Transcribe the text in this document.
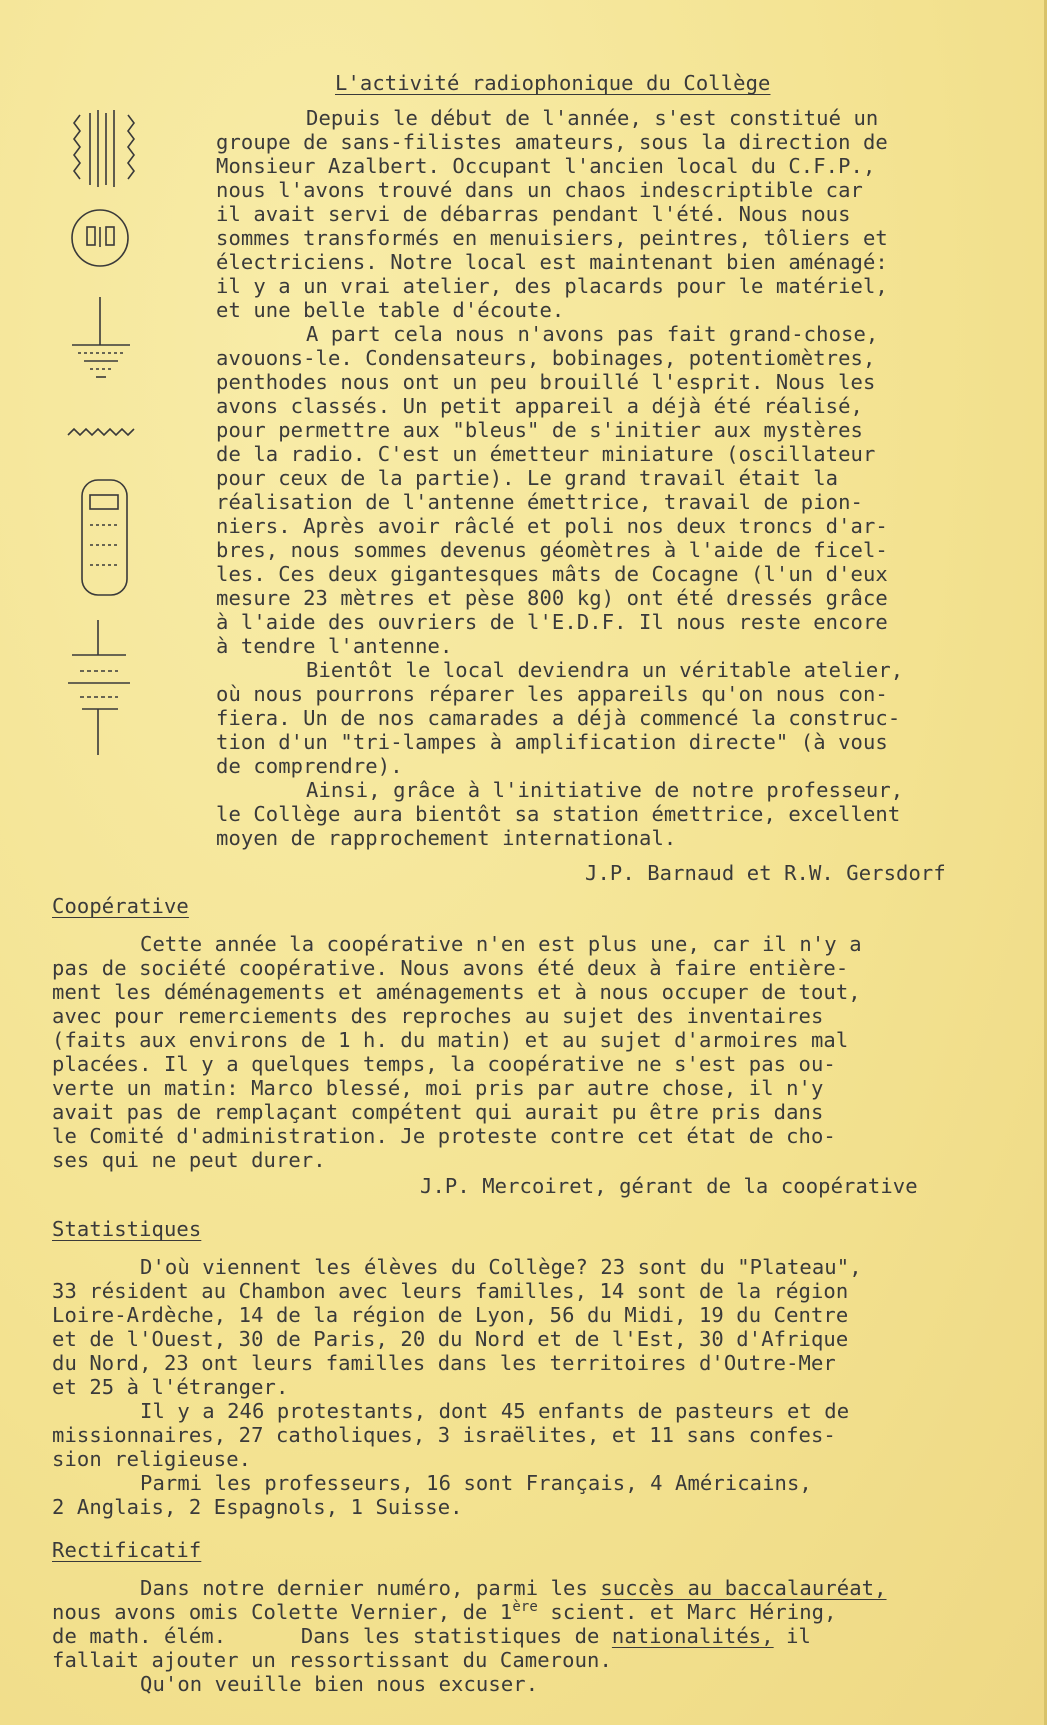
L'activité radiophonique du Collège
Depuis le début de l'année, s'est constitué un
groupe de sans-filistes amateurs, sous la direction de
Monsieur Azalbert. Occupant l'ancien local du C.F.P.,
nous l'avons trouvé dans un chaos indescriptible car
il avait servi de débarras pendant l'été. Nous nous
sommes transformés en menuisiers, peintres, tôliers et
électriciens. Notre local est maintenant bien aménagé:
il y a un vrai atelier, des placards pour le matériel,
et une belle table d'écoute.
A part cela nous n'avons pas fait grand-chose,
avouons-le. Condensateurs, bobinages, potentiomètres,
penthodes nous ont un peu brouillé l'esprit. Nous les
avons classés. Un petit appareil a déjà été réalisé,
pour permettre aux "bleus" de s'initier aux mystères
de la radio. C'est un émetteur miniature (oscillateur
pour ceux de la partie). Le grand travail était la
réalisation de l'antenne émettrice, travail de pion-
niers. Après avoir râclé et poli nos deux troncs d'ar-
bres, nous sommes devenus géomètres à l'aide de ficel-
les. Ces deux gigantesques mâts de Cocagne (l'un d'eux
mesure 23 mètres et pèse 800 kg) ont été dressés grâce
à l'aide des ouvriers de l'E.D.F. Il nous reste encore
à tendre l'antenne.
Bientôt le local deviendra un véritable atelier,
où nous pourrons réparer les appareils qu'on nous con-
fiera. Un de nos camarades a déjà commencé la construc-
tion d'un "tri-lampes à amplification directe" (à vous
de comprendre).
Ainsi, grâce à l'initiative de notre professeur,
le Collège aura bientôt sa station émettrice, excellent
moyen de rapprochement international.
J.P. Barnaud et R.W. Gersdorf
Coopérative
Cette année la coopérative n'en est plus une, car il n'y a
pas de société coopérative. Nous avons été deux à faire entière-
ment les déménagements et aménagements et à nous occuper de tout,
avec pour remerciements des reproches au sujet des inventaires
(faits aux environs de 1 h. du matin) et au sujet d'armoires mal
placées. Il y a quelques temps, la coopérative ne s'est pas ou-
verte un matin: Marco blessé, moi pris par autre chose, il n'y
avait pas de remplaçant compétent qui aurait pu être pris dans
le Comité d'administration. Je proteste contre cet état de cho-
ses qui ne peut durer.
J.P. Mercoiret, gérant de la coopérative
Statistiques
D'où viennent les élèves du Collège? 23 sont du "Plateau",
33 résident au Chambon avec leurs familles, 14 sont de la région
Loire-Ardèche, 14 de la région de Lyon, 56 du Midi, 19 du Centre
et de l'Ouest, 30 de Paris, 20 du Nord et de l'Est, 30 d'Afrique
du Nord, 23 ont leurs familles dans les territoires d'Outre-Mer
et 25 à l'étranger.
Il y a 246 protestants, dont 45 enfants de pasteurs et de
missionnaires, 27 catholiques, 3 israëlites, et 11 sans confes-
sion religieuse.
Parmi les professeurs, 16 sont Français, 4 Américains,
2 Anglais, 2 Espagnols, 1 Suisse.
Rectificatif
Dans notre dernier numéro, parmi les succès au baccalauréat,
nous avons omis Colette Vernier, de 1ère scient. et Marc Héring,
de math. élém.      Dans les statistiques de nationalités, il
fallait ajouter un ressortissant du Cameroun.
Qu'on veuille bien nous excuser.
